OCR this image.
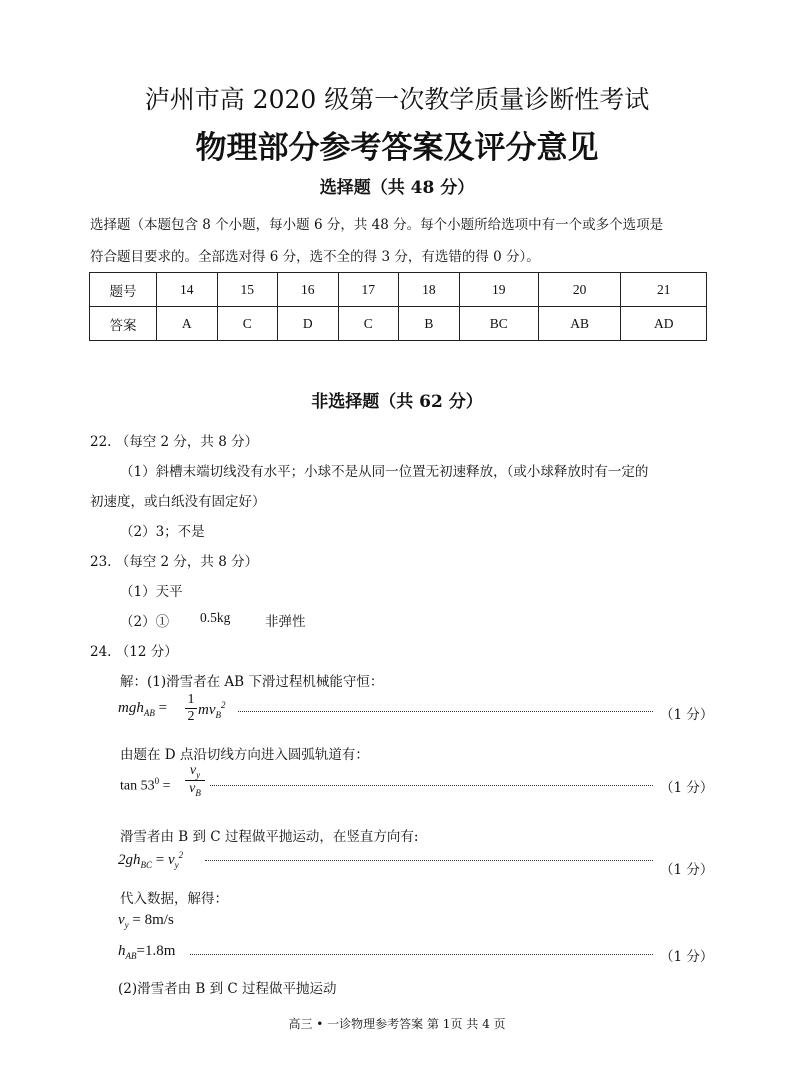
泸州市高 2020 级第一次教学质量诊断性考试
物理部分参考答案及评分意见
选择题（共 48 分）
选择题（本题包含 8 个小题，每小题 6 分，共 48 分。每个小题所给选项中有一个或多个选项是
符合题目要求的。全部选对得 6 分，选不全的得 3 分，有选错的得 0 分）。
题号	14	15	16	17	18	19	20	21
答案	A	C	D	C	B	BC	AB	AD
非选择题（共 62 分）
22. （每空 2 分，共 8 分）
（1）斜槽末端切线没有水平；小球不是从同一位置无初速释放，（或小球释放时有一定的
初速度，或白纸没有固定好）
（2）3；不是
23. （每空 2 分，共 8 分）
（1）天平
（2）① 0.5kg	非弹性
24. （12 分）
解：(1)滑雪者在 AB 下滑过程机械能守恒：
$mgh_{AB} = \frac{1}{2} mv_B^2$
（1 分）
由题在 D 点沿切线方向进入圆弧轨道有：
$\tan 53^0 = \frac{v_y}{v_B}$	（1 分）
滑雪者由 B 到 C 过程做平抛运动，在竖直方向有:
$2gh_{BC} = v_y^2$
（1 分）
代入数据，解得：
$v_y = 8m/s$
$h_{AB}=1.8m$	（1 分）
(2)滑雪者由 B 到 C 过程做平抛运动
高三 • 一诊物理参考答案 第 1页 共 4 页
